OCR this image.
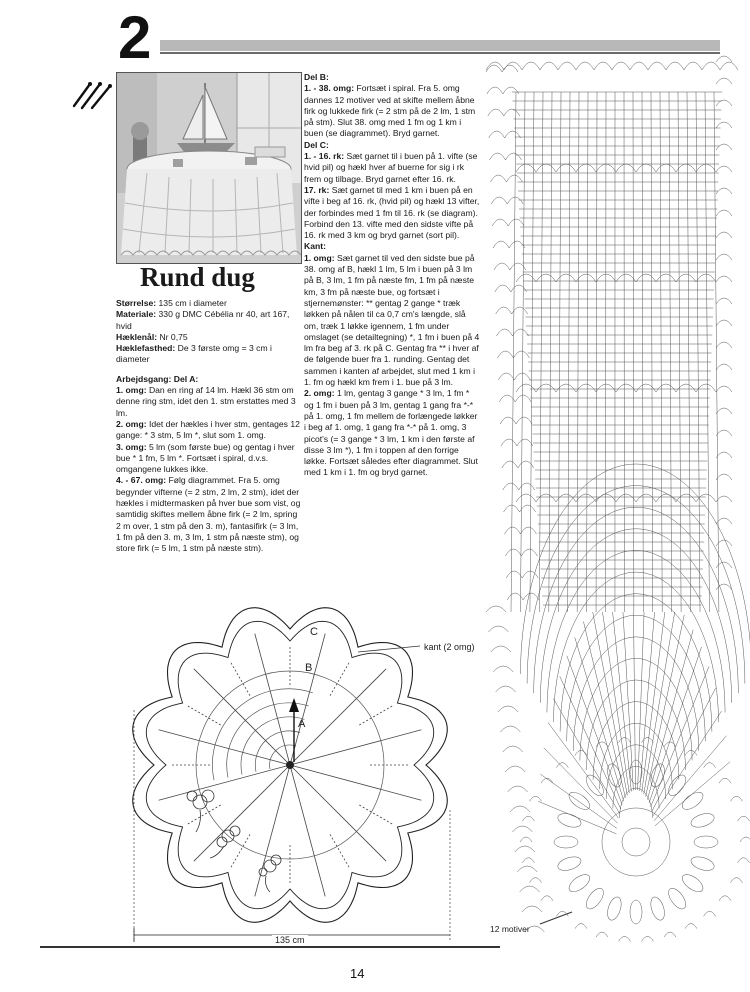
2
Rund dug

Størrelse: 135 cm i diameter

Materiale: 330 g DMC Cébélia nr 40, art 167, hvid

Hæklenål: Nr 0,75

Hæklefasthed: De 3 første omg = 3 cm i diameter

Arbejdsgang: Del A:

1. omg: Dan en ring af 14 lm. Hækl 36 stm om denne ring stm, idet den 1. stm erstattes med 3 lm.

2. omg: Idet der hækles i hver stm, gentages 12 gange: * 3 stm, 5 lm *, slut som 1. omg.

3. omg: 5 lm (som første bue) og gentag i hver bue * 1 fm, 5 lm *. Fortsæt i spiral, d.v.s. omgangene lukkes ikke.

4. - 67. omg: Følg diagrammet. Fra 5. omg begynder vifterne (= 2 stm, 2 lm, 2 stm), idet der hækles i midtermasken på hver bue som vist, og samtidig skiftes mellem åbne firk (= 2 lm, spring 2 m over, 1 stm på den 3. m), fantasifirk (= 3 lm, 1 fm på den 3. m, 3 lm, 1 stm på næste stm), og store firk (= 5 lm, 1 stm på næste stm).

Del B:

1. - 38. omg: Fortsæt i spiral. Fra 5. omg dannes 12 motiver ved at skifte mellem åbne firk og lukkede firk (= 2 stm på de 2 lm, 1 stm på stm). Slut 38. omg med 1 fm og 1 km i buen (se diagrammet). Bryd garnet.

Del C:

1. - 16. rk: Sæt garnet til i buen på 1. vifte (se hvid pil) og hækl hver af buerne for sig i rk frem og tilbage. Bryd garnet efter 16. rk.

17. rk: Sæt garnet til med 1 km i buen på en vifte i beg af 16. rk, (hvid pil) og hækl 13 vifter, der forbindes med 1 fm til 16. rk (se diagram). Forbind den 13. vifte med den sidste vifte på 16. rk med 3 km og bryd garnet (sort pil).

Kant:

1. omg: Sæt garnet til ved den sidste bue på 38. omg af B, hækl 1 lm, 5 lm i buen på 3 lm på B, 3 lm, 1 fm på næste fm, 1 fm på næste km, 3 fm på næste bue, og fortsæt i stjernemønster: ** gentag 2 gange * træk løkken på nålen til ca 0,7 cm's længde, slå om, træk 1 løkke igennem, 1 fm under omslaget (se detailtegning) *, 1 fm i buen på 4 lm fra beg af 3. rk på C. Gentag fra ** i hver af de følgende buer fra 1. runding. Gentag det sammen i kanten af arbejdet, slut med 1 km i 1. fm og hækl km frem i 1. bue på 3 lm.

2. omg: 1 lm, gentag 3 gange * 3 lm, 1 fm * og 1 fm i buen på 3 lm, gentag 1 gang fra *-* på 1. omg, 1 fm mellem de forlængede løkker i beg af 1. omg, 1 gang fra *-* på 1. omg, 3 picot's (= 3 gange * 3 lm, 1 km i den første af disse 3 lm *), 1 fm i toppen af den forrige løkke. Fortsæt således efter diagrammet. Slut med 1 km i 1. fm og bryd garnet.

12 motiver
C
B
A
kant (2 omg)
135 cm
14
